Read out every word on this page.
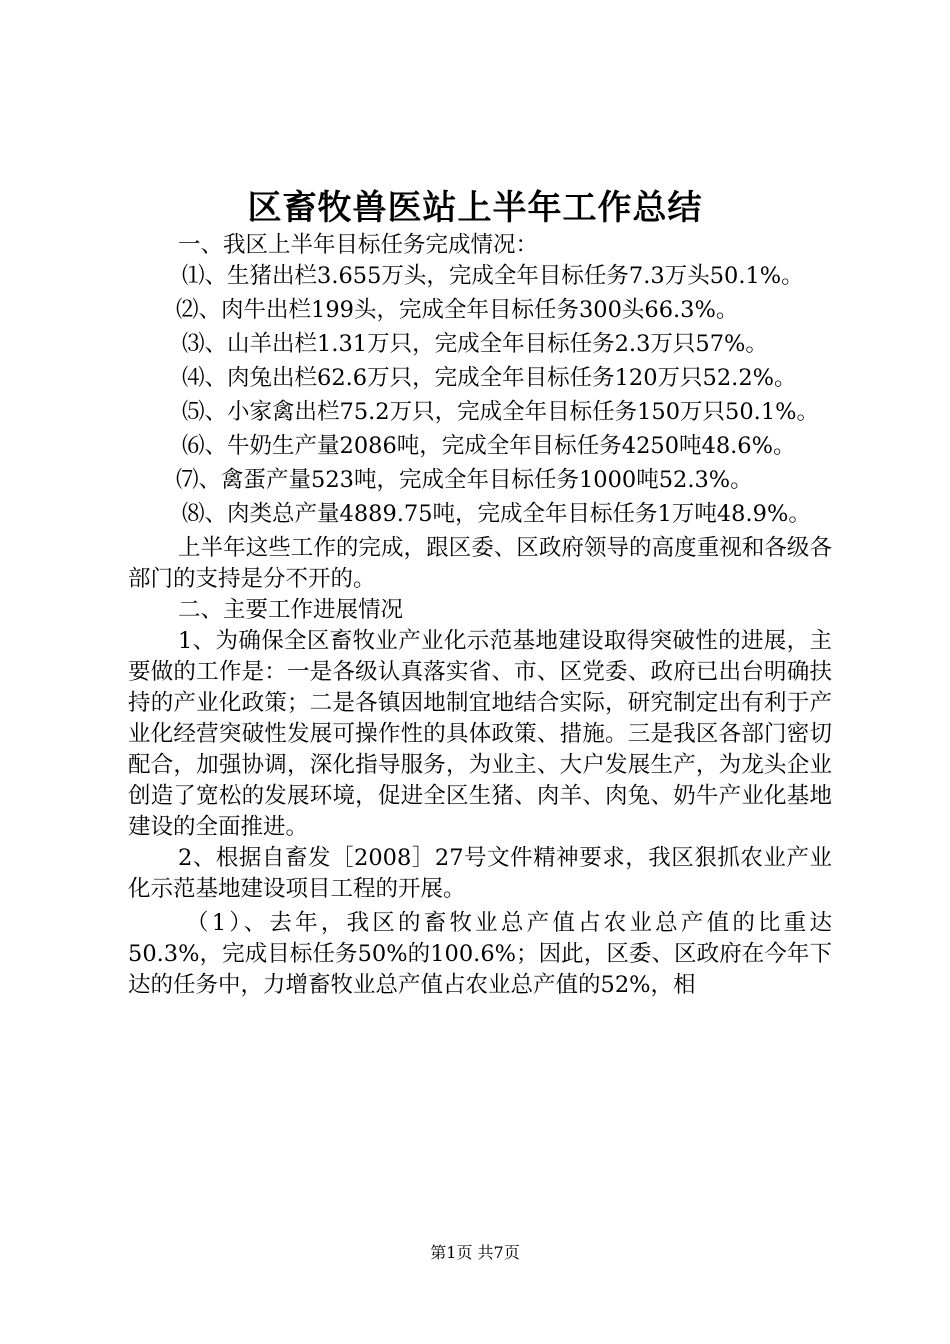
区畜牧兽医站上半年工作总结

一、我区上半年目标任务完成情况：

⑴、生猪出栏3.655万头，完成全年目标任务7.3万头50.1%。

⑵、肉牛出栏199头，完成全年目标任务300头66.3%。

⑶、山羊出栏1.31万只，完成全年目标任务2.3万只57%。

⑷、肉兔出栏62.6万只，完成全年目标任务120万只52.2%。

⑸、小家禽出栏75.2万只，完成全年目标任务150万只50.1%。

⑹、牛奶生产量2086吨，完成全年目标任务4250吨48.6%。

⑺、禽蛋产量523吨，完成全年目标任务1000吨52.3%。

⑻、肉类总产量4889.75吨，完成全年目标任务1万吨48.9%。

上半年这些工作的完成，跟区委、区政府领导的高度重视和各级各部门的支持是分不开的。

二、主要工作进展情况

1、为确保全区畜牧业产业化示范基地建设取得突破性的进展，主要做的工作是：一是各级认真落实省、市、区党委、政府已出台明确扶持的产业化政策；二是各镇因地制宜地结合实际，研究制定出有利于产业化经营突破性发展可操作性的具体政策、措施。三是我区各部门密切配合，加强协调，深化指导服务，为业主、大户发展生产，为龙头企业创造了宽松的发展环境，促进全区生猪、肉羊、肉兔、奶牛产业化基地建设的全面推进。

2、根据自畜发［2008］27号文件精神要求，我区狠抓农业产业化示范基地建设项目工程的开展。

（1）、去年，我区的畜牧业总产值占农业总产值的比重达50.3%，完成目标任务50%的100.6%；因此，区委、区政府在今年下达的任务中，力增畜牧业总产值占农业总产值的52%，相

第1页 共7页
